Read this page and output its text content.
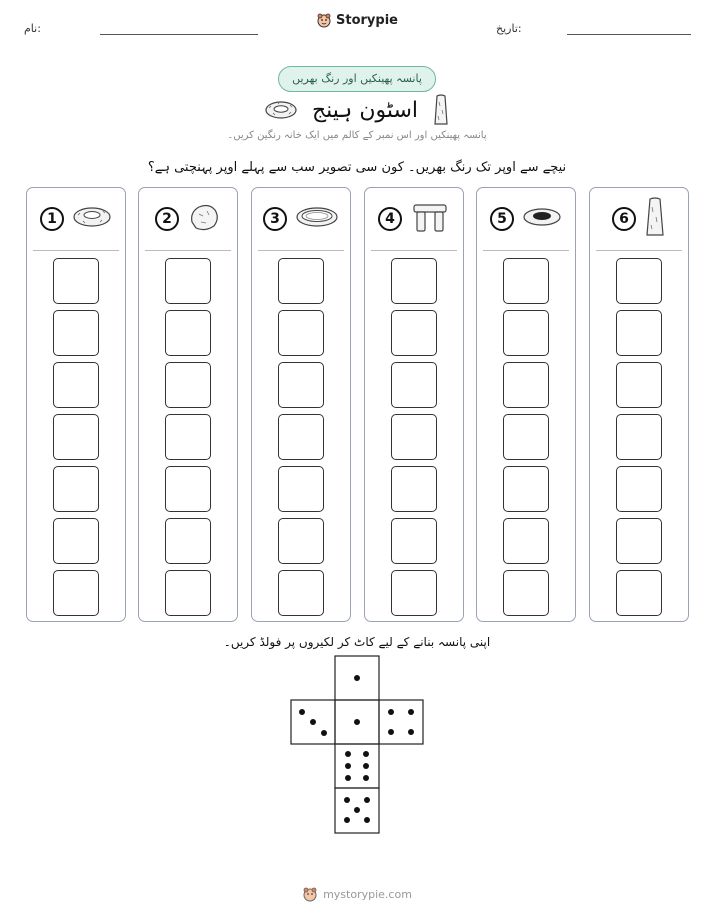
نام:	تاریخ:
Storypie
پانسہ پھینکیں اور رنگ بھریں
اسٹون ہینج
پانسہ پھینکیں اور اس نمبر کے کالم میں ایک خانہ رنگین کریں۔
نیچے سے اوپر تک رنگ بھریں۔ کون سی تصویر سب سے پہلے اوپر پہنچتی ہے؟
1	2	3	4	5	6
اپنی پانسہ بنانے کے لیے کاٹ کر لکیروں پر فولڈ کریں۔
mystorypie.com
